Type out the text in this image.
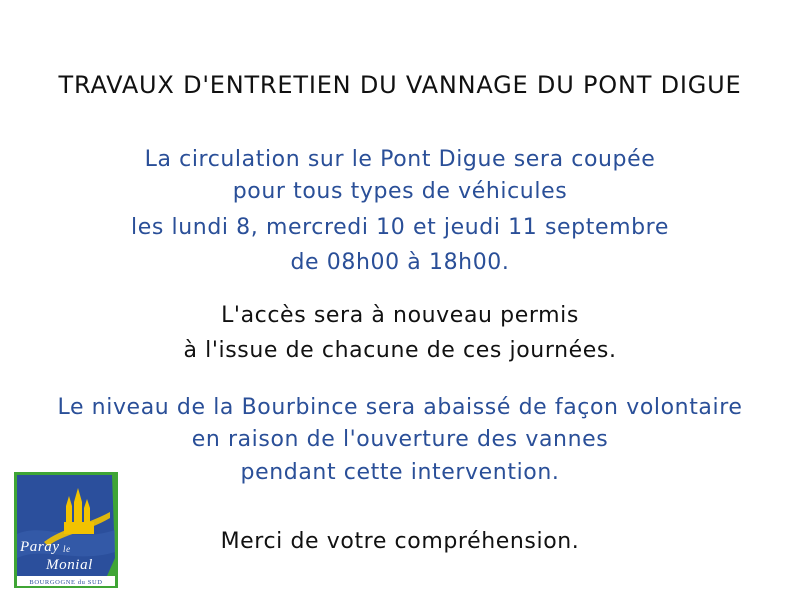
TRAVAUX D'ENTRETIEN DU VANNAGE DU PONT DIGUE
La circulation sur le Pont Digue sera coupée
pour tous types de véhicules
les lundi 8, mercredi 10 et jeudi 11 septembre
de 08h00 à 18h00.
L'accès sera à nouveau permis
à l'issue de chacune de ces journées.
Le niveau de la Bourbince sera abaissé de façon volontaire
en raison de l'ouverture des vannes
pendant cette intervention.
Merci de votre compréhension.
Paray le
Monial
BOURGOGNE du SUD
